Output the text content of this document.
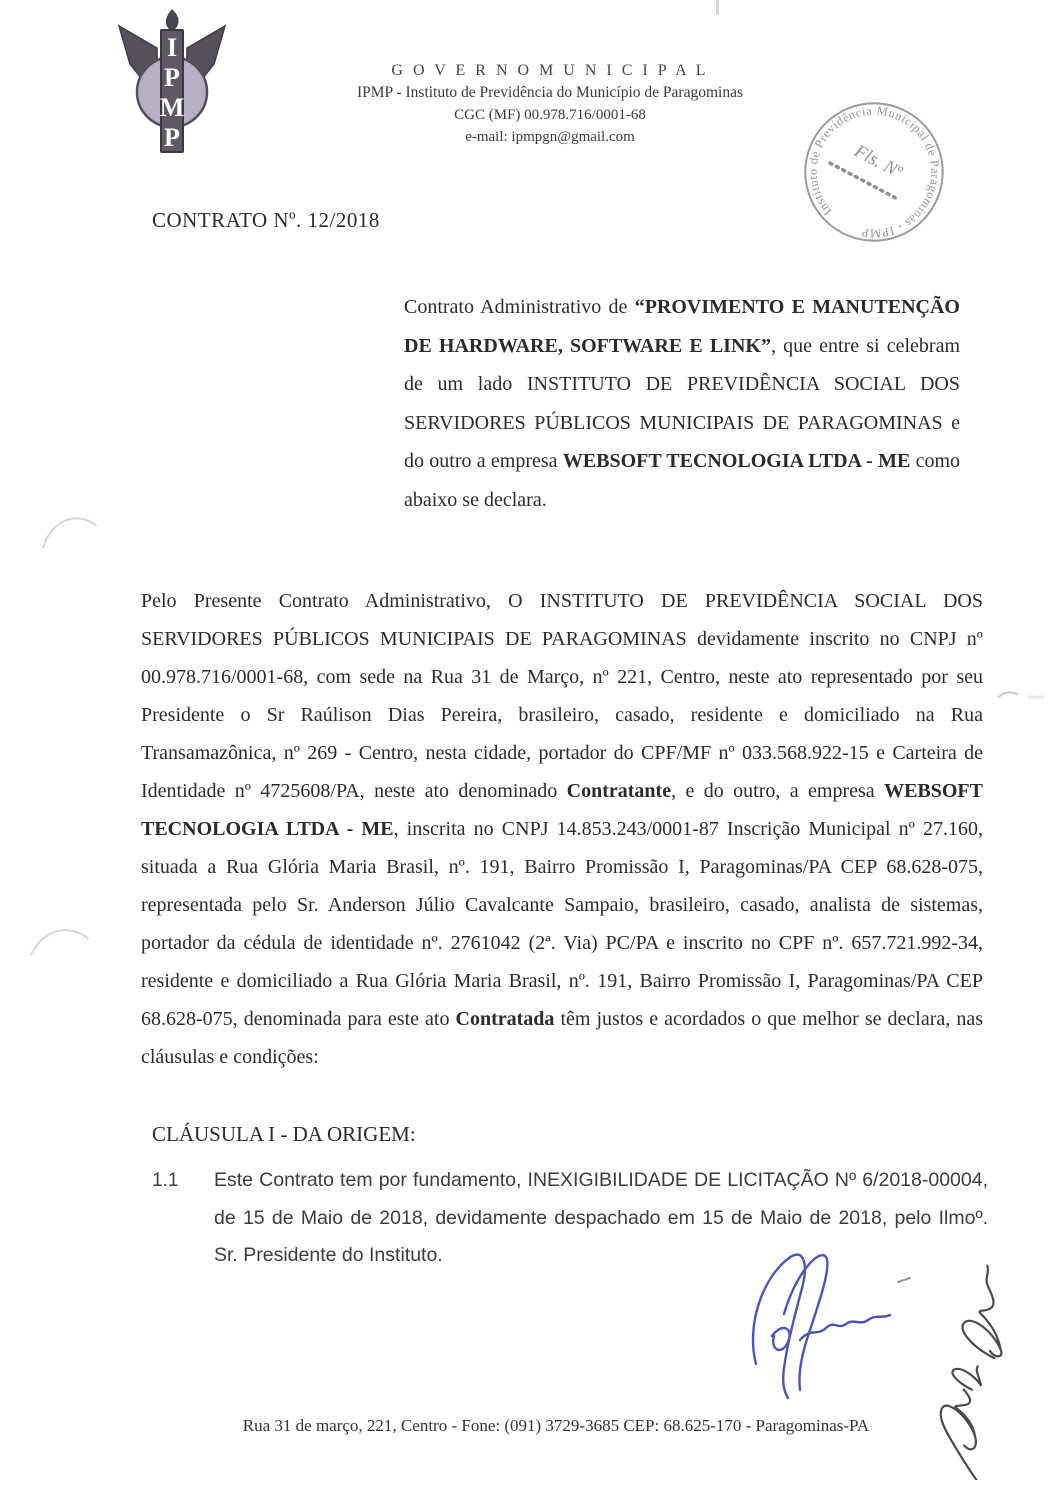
I
P
M
P
G O V E R N O M U N I C I P A L
IPMP - Instituto de Previdência do Município de Paragominas
CGC (MF) 00.978.716/0001-68
e-mail: ipmpgn@gmail.com
Instituto de Previdência Municipal de Paragominas - IPMP
Fls. Nº
CONTRATO Nº. 12/2018
Contrato Administrativo de “PROVIMENTO E MANUTENÇÃO DE HARDWARE, SOFTWARE E LINK”, que entre si celebram de um lado INSTITUTO DE PREVIDÊNCIA SOCIAL DOS SERVIDORES PÚBLICOS MUNICIPAIS DE PARAGOMINAS e do outro a empresa WEBSOFT TECNOLOGIA LTDA - ME como abaixo se declara.
Pelo Presente Contrato Administrativo, O INSTITUTO DE PREVIDÊNCIA SOCIAL DOS SERVIDORES PÚBLICOS MUNICIPAIS DE PARAGOMINAS devidamente inscrito no CNPJ nº 00.978.716/0001-68, com sede na Rua 31 de Março, nº 221, Centro, neste ato representado por seu Presidente o Sr Raúlison Dias Pereira, brasileiro, casado, residente e domiciliado na Rua Transamazônica, nº 269 - Centro, nesta cidade, portador do CPF/MF nº 033.568.922-15 e Carteira de Identidade nº 4725608/PA, neste ato denominado Contratante, e do outro, a empresa WEBSOFT TECNOLOGIA LTDA - ME, inscrita no CNPJ 14.853.243/0001-87 Inscrição Municipal nº 27.160, situada a Rua Glória Maria Brasil, nº. 191, Bairro Promissão I, Paragominas/PA CEP 68.628-075, representada pelo Sr. Anderson Júlio Cavalcante Sampaio, brasileiro, casado, analista de sistemas, portador da cédula de identidade nº. 2761042 (2ª. Via) PC/PA e inscrito no CPF nº. 657.721.992-34, residente e domiciliado a Rua Glória Maria Brasil, nº. 191, Bairro Promissão I, Paragominas/PA CEP 68.628-075, denominada para este ato Contratada têm justos e acordados o que melhor se declara, nas cláusulas e condições:
CLÁUSULA I - DA ORIGEM:
1.1	Este Contrato tem por fundamento, INEXIGIBILIDADE DE LICITAÇÃO Nº 6/2018-00004, de 15 de Maio de 2018, devidamente despachado em 15 de Maio de 2018, pelo Ilmoº. Sr. Presidente do Instituto.
Rua 31 de março, 221, Centro - Fone: (091) 3729-3685 CEP: 68.625-170 - Paragominas-PA
